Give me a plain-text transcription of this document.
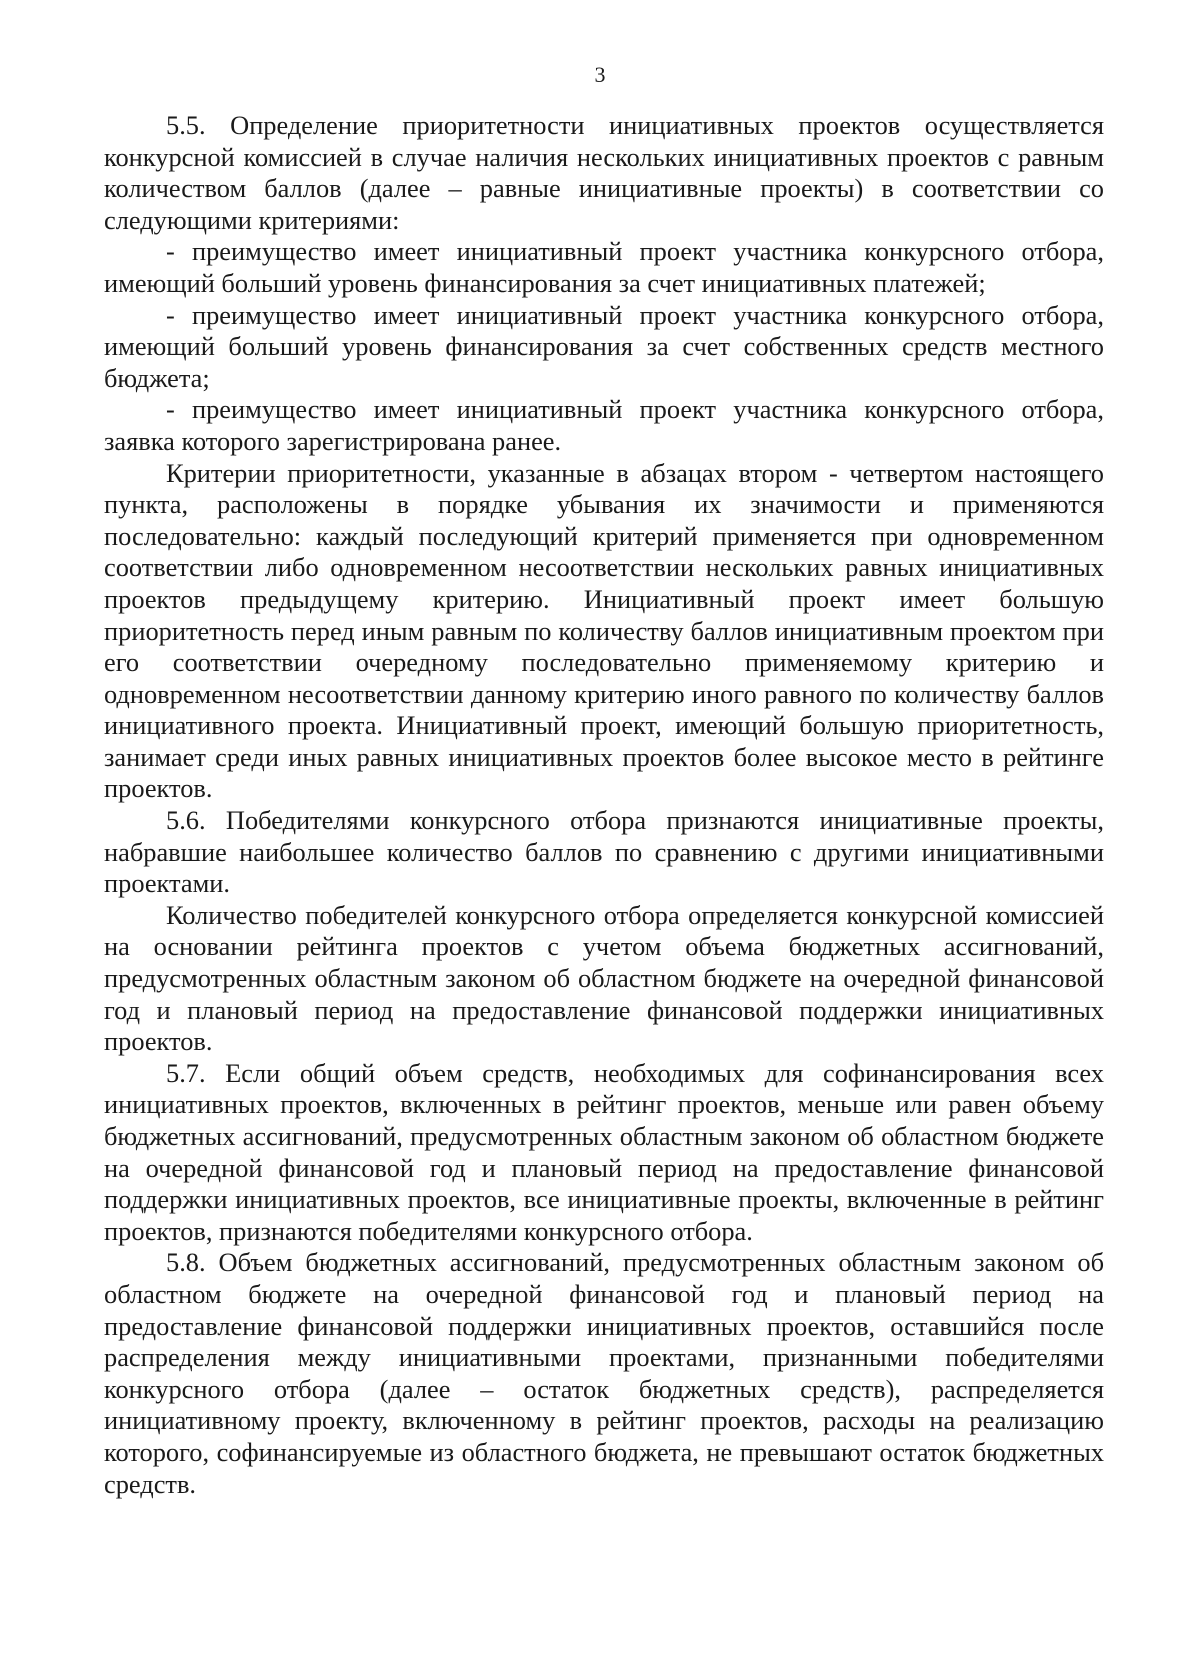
3

5.5. Определение приоритетности инициативных проектов осуществляется конкурсной комиссией в случае наличия нескольких инициативных проектов с равным количеством баллов (далее – равные инициативные проекты) в соответствии со следующими критериями:

- преимущество имеет инициативный проект участника конкурсного отбора, имеющий больший уровень финансирования за счет инициативных платежей;

- преимущество имеет инициативный проект участника конкурсного отбора, имеющий больший уровень финансирования за счет собственных средств местного бюджета;

- преимущество имеет инициативный проект участника конкурсного отбора, заявка которого зарегистрирована ранее.

Критерии приоритетности, указанные в абзацах втором - четвертом настоящего пункта, расположены в порядке убывания их значимости и применяются последовательно: каждый последующий критерий применяется при одновременном соответствии либо одновременном несоответствии нескольких равных инициативных проектов предыдущему критерию. Инициативный проект имеет большую приоритетность перед иным равным по количеству баллов инициативным проектом при его соответствии очередному последовательно применяемому критерию и одновременном несоответствии данному критерию иного равного по количеству баллов инициативного проекта. Инициативный проект, имеющий большую приоритетность, занимает среди иных равных инициативных проектов более высокое место в рейтинге проектов.

5.6. Победителями конкурсного отбора признаются инициативные проекты, набравшие наибольшее количество баллов по сравнению с другими инициативными проектами.

Количество победителей конкурсного отбора определяется конкурсной комиссией на основании рейтинга проектов с учетом объема бюджетных ассигнований, предусмотренных областным законом об областном бюджете на очередной финансовой год и плановый период на предоставление финансовой поддержки инициативных проектов.

5.7. Если общий объем средств, необходимых для софинансирования всех инициативных проектов, включенных в рейтинг проектов, меньше или равен объему бюджетных ассигнований, предусмотренных областным законом об областном бюджете на очередной финансовой год и плановый период на предоставление финансовой поддержки инициативных проектов, все инициативные проекты, включенные в рейтинг проектов, признаются победителями конкурсного отбора.

5.8. Объем бюджетных ассигнований, предусмотренных областным законом об областном бюджете на очередной финансовой год и плановый период на предоставление финансовой поддержки инициативных проектов, оставшийся после распределения между инициативными проектами, признанными победителями конкурсного отбора (далее – остаток бюджетных средств), распределяется инициативному проекту, включенному в рейтинг проектов, расходы на реализацию которого, софинансируемые из областного бюджета, не превышают остаток бюджетных средств.
